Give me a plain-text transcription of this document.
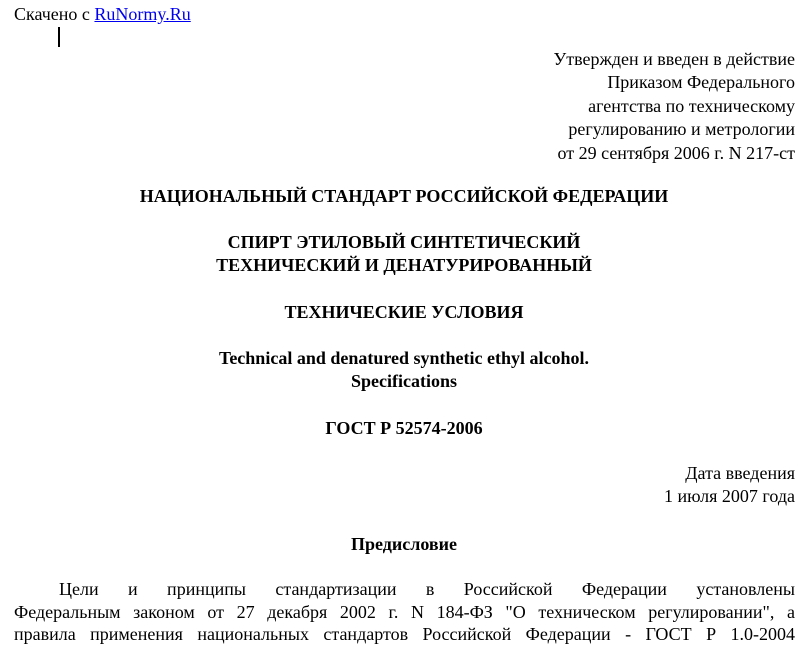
Скачено с RuNormy.Ru
Утвержден и введен в действие
Приказом Федерального
агентства по техническому
регулированию и метрологии
от 29 сентября 2006 г. N 217-ст
НАЦИОНАЛЬНЫЙ СТАНДАРТ РОССИЙСКОЙ ФЕДЕРАЦИИ
СПИРТ ЭТИЛОВЫЙ СИНТЕТИЧЕСКИЙ
ТЕХНИЧЕСКИЙ И ДЕНАТУРИРОВАННЫЙ
ТЕХНИЧЕСКИЕ УСЛОВИЯ
Technical and denatured synthetic ethyl alcohol.
Specifications
ГОСТ Р 52574-2006
Дата введения
1 июля 2007 года
Предисловие
Цели и принципы стандартизации в Российской Федерации установлены
Федеральным законом от 27 декабря 2002 г. N 184-ФЗ "О техническом регулировании", а
правила применения национальных стандартов Российской Федерации - ГОСТ Р 1.0-2004
